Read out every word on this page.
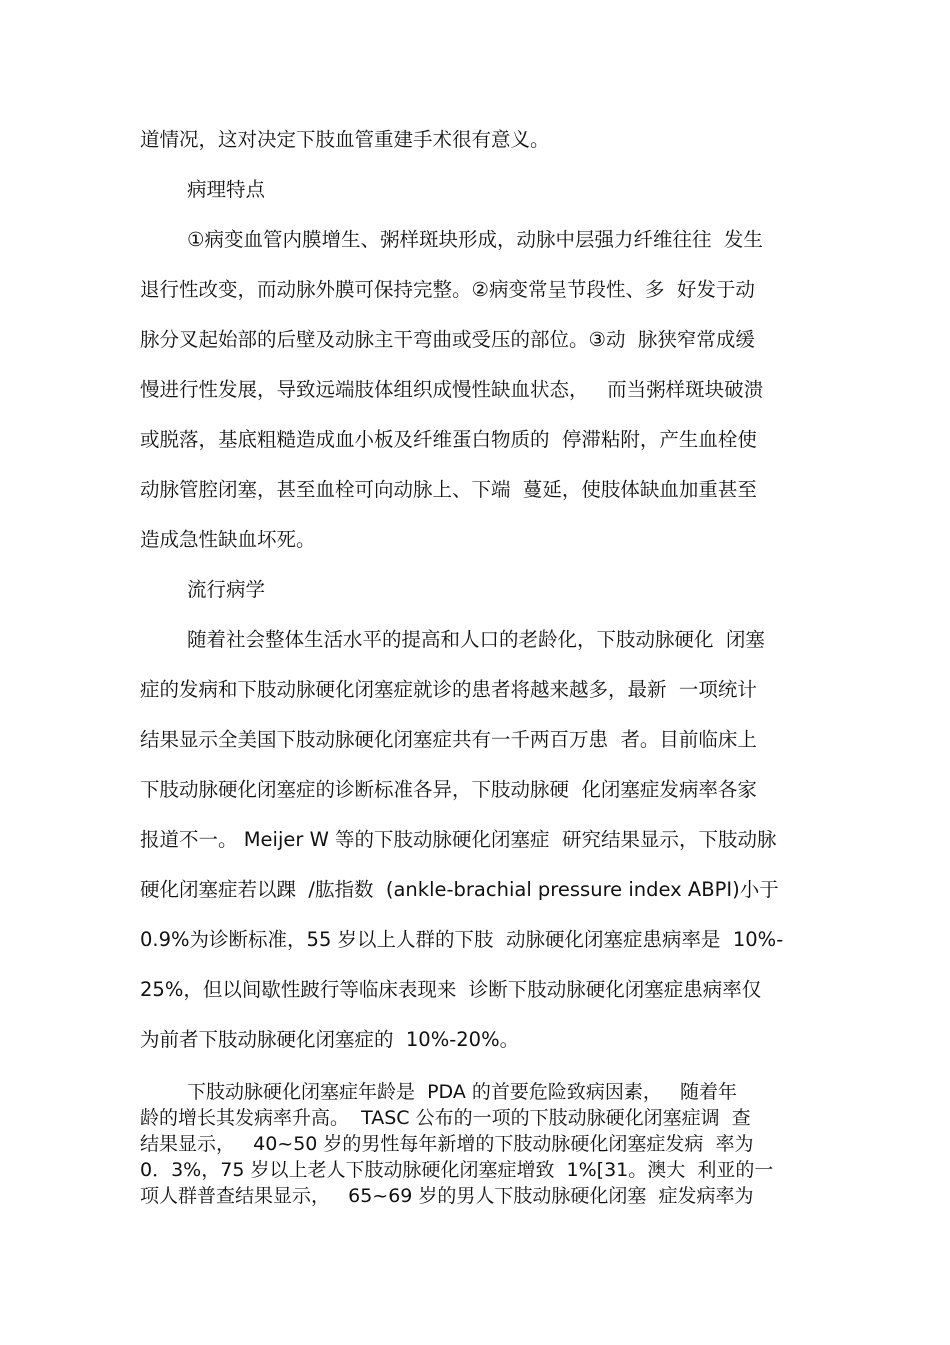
道情况，这对决定下肢血管重建手术很有意义。
病理特点
①病变血管内膜增生、粥样斑块形成，动脉中层强力纤维往往  发生
退行性改变，而动脉外膜可保持完整。②病变常呈节段性、多  好发于动
脉分叉起始部的后壁及动脉主干弯曲或受压的部位。③动  脉狭窄常成缓
慢进行性发展，导致远端肢体组织成慢性缺血状态，   而当粥样斑块破溃
或脱落，基底粗糙造成血小板及纤维蛋白物质的  停滞粘附，产生血栓使
动脉管腔闭塞，甚至血栓可向动脉上、下端  蔓延，使肢体缺血加重甚至
造成急性缺血坏死。
流行病学
随着社会整体生活水平的提高和人口的老龄化，下肢动脉硬化  闭塞
症的发病和下肢动脉硬化闭塞症就诊的患者将越来越多，最新  一项统计
结果显示全美国下肢动脉硬化闭塞症共有一千两百万患  者。目前临床上
下肢动脉硬化闭塞症的诊断标准各异，下肢动脉硬  化闭塞症发病率各家
报道不一。 Meijer W 等的下肢动脉硬化闭塞症  研究结果显示，下肢动脉
硬化闭塞症若以踝  /肱指数  (ankle-brachial pressure index ABPI)小于
0.9%为诊断标准，55 岁以上人群的下肢  动脉硬化闭塞症患病率是  10%-
25%，但以间歇性跛行等临床表现来  诊断下肢动脉硬化闭塞症患病率仅
为前者下肢动脉硬化闭塞症的  10%-20%。
下肢动脉硬化闭塞症年龄是  PDA 的首要危险致病因素，   随着年
龄的增长其发病率升高。  TASC 公布的一项的下肢动脉硬化闭塞症调  查
结果显示，   40~50 岁的男性每年新增的下肢动脉硬化闭塞症发病  率为
0．3%，75 岁以上老人下肢动脉硬化闭塞症增致  1%[31。澳大  利亚的一
项人群普查结果显示，   65~69 岁的男人下肢动脉硬化闭塞  症发病率为
